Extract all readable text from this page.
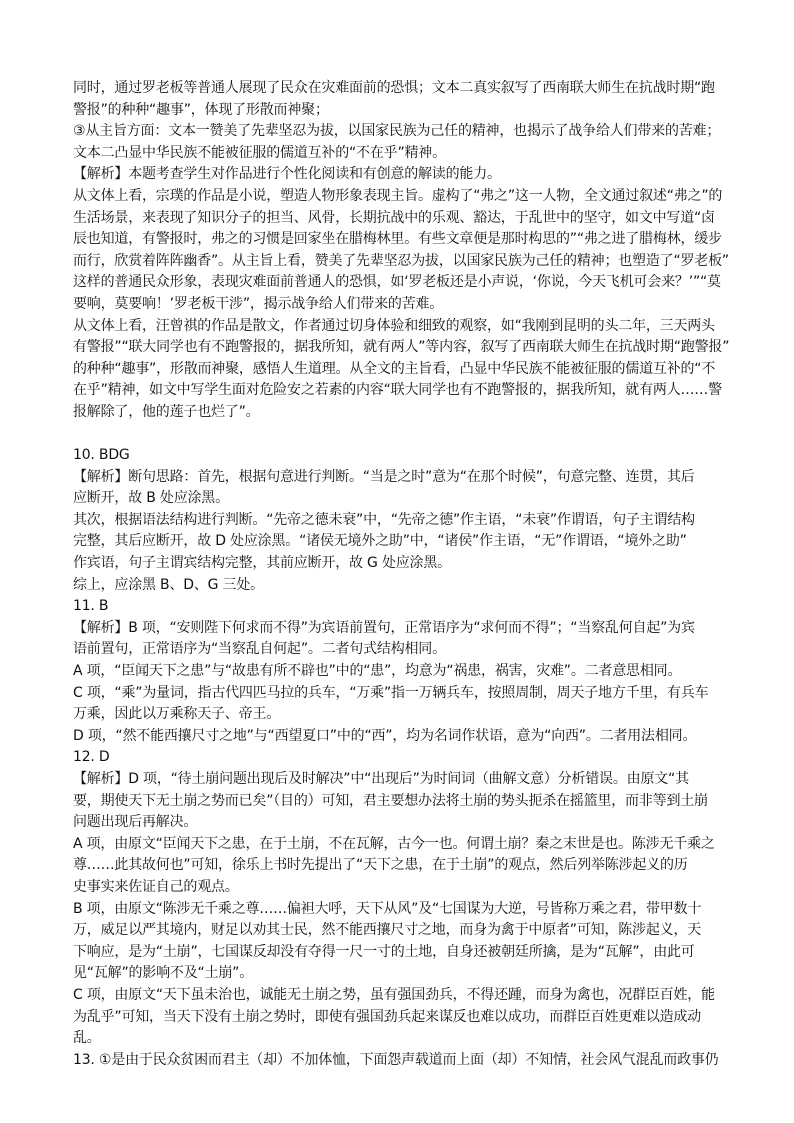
同时，通过罗老板等普通人展现了民众在灾难面前的恐惧；文本二真实叙写了西南联大师生在抗战时期“跑
警报”的种种“趣事”，体现了形散而神聚；
③从主旨方面：文本一赞美了先辈坚忍为拔，以国家民族为己任的精神，也揭示了战争给人们带来的苦难；
文本二凸显中华民族不能被征服的儒道互补的“不在乎”精神。
【解析】本题考查学生对作品进行个性化阅读和有创意的解读的能力。
从文体上看，宗璞的作品是小说，塑造人物形象表现主旨。虚构了“弗之”这一人物，全文通过叙述“弗之”的
生活场景，来表现了知识分子的担当、风骨，长期抗战中的乐观、豁达，于乱世中的坚守，如文中写道“卤
辰也知道，有警报时，弗之的习惯是回家坐在腊梅林里。有些文章便是那时构思的”“弗之进了腊梅林，缓步
而行，欣赏着阵阵幽香”。从主旨上看，赞美了先辈坚忍为拔，以国家民族为己任的精神；也塑造了“罗老板”
这样的普通民众形象，表现灾难面前普通人的恐惧，如‘罗老板还是小声说，‘你说，今天飞机可会来？’”“莫
要响，莫要响！’罗老板干涉”，揭示战争给人们带来的苦难。
从文体上看，汪曾祺的作品是散文，作者通过切身体验和细致的观察，如“我刚到昆明的头二年，三天两头
有警报”“联大同学也有不跑警报的，据我所知，就有两人”等内容，叙写了西南联大师生在抗战时期“跑警报”
的种种“趣事”，形散而神聚，感悟人生道理。从全文的主旨看，凸显中华民族不能被征服的儒道互补的“不
在乎”精神，如文中写学生面对危险安之若素的内容“联大同学也有不跑警报的，据我所知，就有两人……警
报解除了，他的莲子也烂了”。
10. BDG
【解析】断句思路：首先，根据句意进行判断。“当是之时”意为“在那个时候”，句意完整、连贯，其后
应断开，故 B 处应涂黑。
其次，根据语法结构进行判断。“先帝之德未衰”中，“先帝之德”作主语，“未衰”作谓语，句子主谓结构
完整，其后应断开，故 D 处应涂黑。“诸侯无境外之助”中，“诸侯”作主语，“无”作谓语，“境外之助”
作宾语，句子主谓宾结构完整，其前应断开，故 G 处应涂黑。
综上，应涂黑 B、D、G 三处。
11. B
【解析】B 项，“安则陛下何求而不得”为宾语前置句，正常语序为“求何而不得”；“当察乱何自起”为宾
语前置句，正常语序为“当察乱自何起”。二者句式结构相同。
A 项，“臣闻天下之患”与“故患有所不辟也”中的“患”，均意为“祸患，祸害，灾难”。二者意思相同。
C 项，“乘”为量词，指古代四匹马拉的兵车，“万乘”指一万辆兵车，按照周制，周天子地方千里，有兵车
万乘，因此以万乘称天子、帝王。
D 项，“然不能西攘尺寸之地”与“西望夏口”中的“西”，均为名词作状语，意为“向西”。二者用法相同。
12. D
【解析】D 项，“待土崩问题出现后及时解决”中“出现后”为时间词（曲解文意）分析错误。由原文“其
要，期使天下无土崩之势而已矣”（目的）可知，君主要想办法将土崩的势头扼杀在摇篮里，而非等到土崩
问题出现后再解决。
A 项，由原文“臣闻天下之患，在于土崩，不在瓦解，古今一也。何谓土崩？秦之末世是也。陈涉无千乘之
尊……此其故何也”可知，徐乐上书时先提出了“天下之患，在于土崩”的观点，然后列举陈涉起义的历
史事实来佐证自己的观点。
B 项，由原文“陈涉无千乘之尊……偏袒大呼，天下从风”及“七国谋为大逆，号皆称万乘之君，带甲数十
万，威足以严其境内，财足以劝其士民，然不能西攘尺寸之地，而身为禽于中原者”可知，陈涉起义，天
下响应，是为“土崩”，七国谋反却没有夺得一尺一寸的土地，自身还被朝廷所擒，是为“瓦解”，由此可
见“瓦解”的影响不及“土崩”。
C 项，由原文“天下虽未治也，诚能无土崩之势，虽有强国劲兵，不得还踵，而身为禽也，况群臣百姓，能
为乱乎”可知，当天下没有土崩之势时，即使有强国劲兵起来谋反也难以成功，而群臣百姓更难以造成动
乱。
13. ①是由于民众贫困而君主（却）不加体恤，下面怨声载道而上面（却）不知情，社会风气混乱而政事仍
